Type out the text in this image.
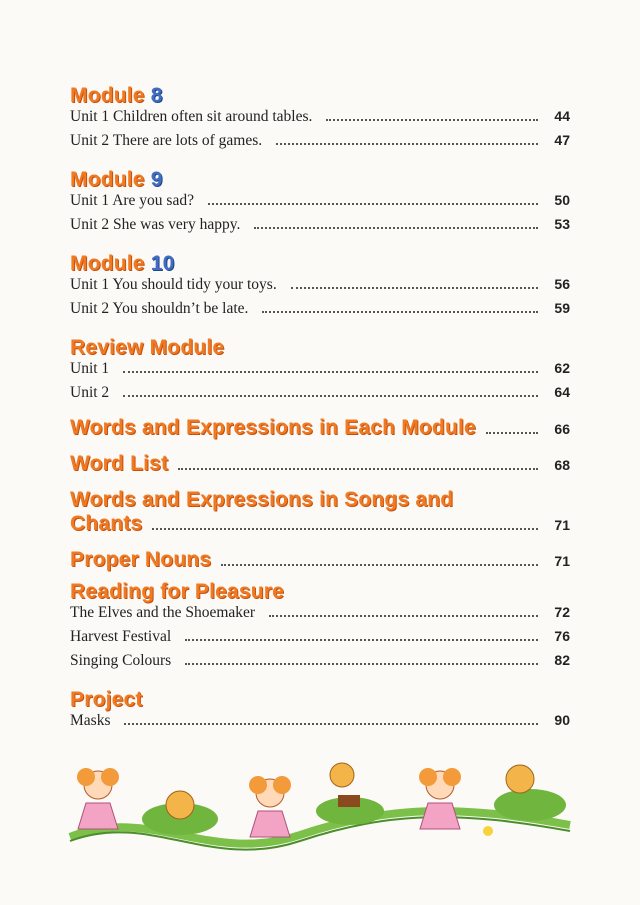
Module 8
Unit 1 Children often sit around tables.	44
Unit 2 There are lots of games.	47
Module 9
Unit 1 Are you sad?	50
Unit 2 She was very happy.	53
Module 10
Unit 1 You should tidy your toys.	56
Unit 2 You shouldn’t be late.	59
Review Module
Unit 1	62
Unit 2	64
Words and Expressions in Each Module	66
Word List	68
Words and Expressions in Songs and
Chants	71
Proper Nouns	71
Reading for Pleasure
The Elves and the Shoemaker	72
Harvest Festival	76
Singing Colours	82
Project
Masks	90
